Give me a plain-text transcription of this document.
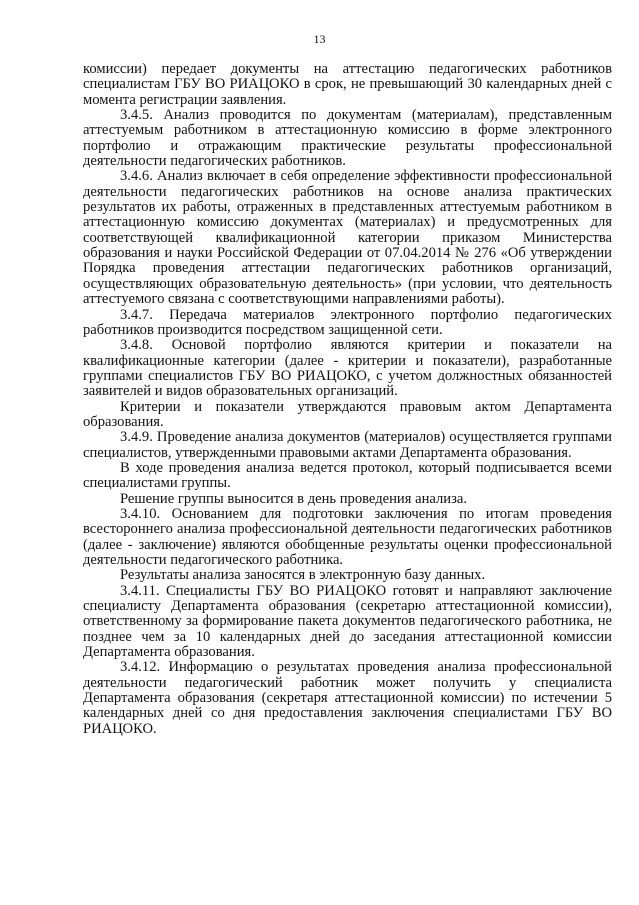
13

комиссии) передает документы на аттестацию педагогических работников специалистам ГБУ ВО РИАЦОКО в срок, не превышающий 30 календарных дней с момента регистрации заявления.

3.4.5. Анализ проводится по документам (материалам), представленным аттестуемым работником в аттестационную комиссию в форме электронного портфолио и отражающим практические результаты профессиональной деятельности педагогических работников.

3.4.6. Анализ включает в себя определение эффективности профессиональной деятельности педагогических работников на основе анализа практических результатов их работы, отраженных в представленных аттестуемым работником в аттестационную комиссию документах (материалах) и предусмотренных для соответствующей квалификационной категории приказом Министерства образования и науки Российской Федерации от 07.04.2014 № 276 «Об утверждении Порядка проведения аттестации педагогических работников организаций, осуществляющих образовательную деятельность» (при условии, что деятельность аттестуемого связана с соответствующими направлениями работы).

3.4.7. Передача материалов электронного портфолио педагогических работников производится посредством защищенной сети.

3.4.8. Основой портфолио являются критерии и показатели на квалификационные категории (далее - критерии и показатели), разработанные группами специалистов ГБУ ВО РИАЦОКО, с учетом должностных обязанностей заявителей и видов образовательных организаций.

Критерии и показатели утверждаются правовым актом Департамента образования.

3.4.9. Проведение анализа документов (материалов) осуществляется группами специалистов, утвержденными правовыми актами Департамента образования.

В ходе проведения анализа ведется протокол, который подписывается всеми специалистами группы.

Решение группы выносится в день проведения анализа.

3.4.10. Основанием для подготовки заключения по итогам проведения всестороннего анализа профессиональной деятельности педагогических работников (далее - заключение) являются обобщенные результаты оценки профессиональной деятельности педагогического работника.

Результаты анализа заносятся в электронную базу данных.

3.4.11. Специалисты ГБУ ВО РИАЦОКО готовят и направляют заключение специалисту Департамента образования (секретарю аттестационной комиссии), ответственному за формирование пакета документов педагогического работника, не позднее чем за 10 календарных дней до заседания аттестационной комиссии Департамента образования.

3.4.12. Информацию о результатах проведения анализа профессиональной деятельности педагогический работник может получить у специалиста Департамента образования (секретаря аттестационной комиссии) по истечении 5 календарных дней со дня предоставления заключения специалистами ГБУ ВО РИАЦОКО.
